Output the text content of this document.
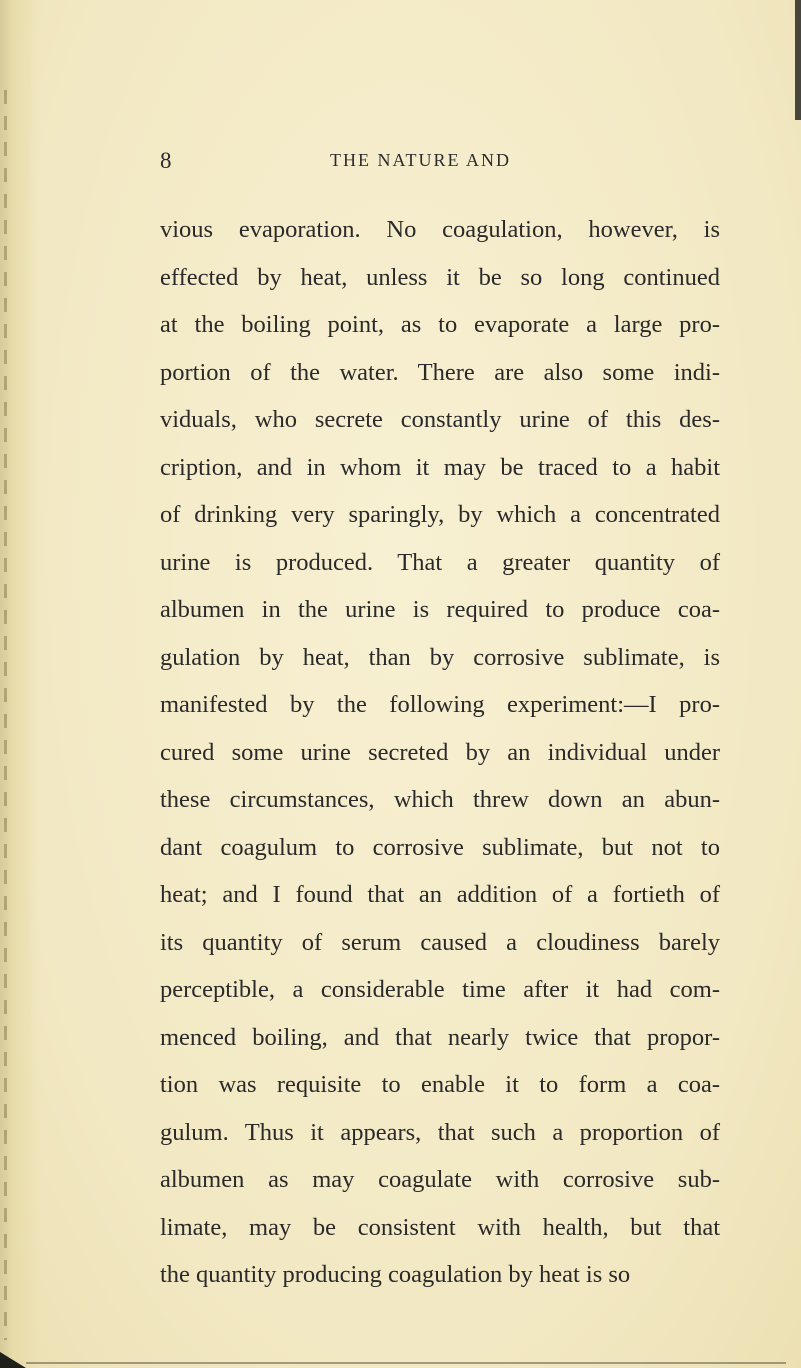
8	THE NATURE AND
vious evaporation. No coagulation, however, is
effected by heat, unless it be so long continued
at the boiling point, as to evaporate a large pro-
portion of the water. There are also some indi-
viduals, who secrete constantly urine of this des-
cription, and in whom it may be traced to a habit
of drinking very sparingly, by which a concentrated
urine is produced. That a greater quantity of
albumen in the urine is required to produce coa-
gulation by heat, than by corrosive sublimate, is
manifested by the following experiment:—I pro-
cured some urine secreted by an individual under
these circumstances, which threw down an abun-
dant coagulum to corrosive sublimate, but not to
heat; and I found that an addition of a fortieth of
its quantity of serum caused a cloudiness barely
perceptible, a considerable time after it had com-
menced boiling, and that nearly twice that propor-
tion was requisite to enable it to form a coa-
gulum. Thus it appears, that such a proportion of
albumen as may coagulate with corrosive sub-
limate, may be consistent with health, but that
the quantity producing coagulation by heat is so
